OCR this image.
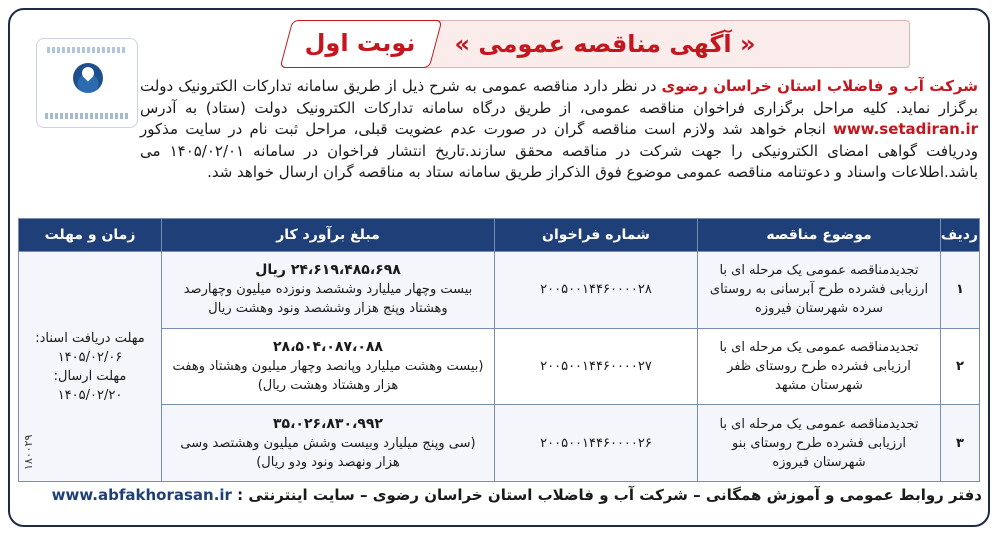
« آگهی مناقصه عمومی »
نوبت اول
شرکت آب و فاضلاب استان خراسان رضوی در نظر دارد مناقصه عمومی به شرح ذیل از طریق سامانه تدارکات الکترونیک دولت برگزار نماید. کلیه مراحل برگزاری فراخوان مناقصه عمومی، از طریق درگاه سامانه تدارکات الکترونیک دولت (ستاد) به آدرس www.setadiran.ir انجام خواهد شد ولازم است مناقصه گران در صورت عدم عضویت قبلی، مراحل ثبت نام در سایت مذکور ودریافت گواهی امضای الکترونیکی را جهت شرکت در مناقصه محقق سازند.تاریخ انتشار فراخوان در سامانه ۱۴۰۵/۰۲/۰۱ می باشد.اطلاعات واسناد و دعوتنامه مناقصه عمومی موضوع فوق الذکراز طریق سامانه ستاد به مناقصه گران ارسال خواهد شد.
ردیف	موضوع مناقصه	شماره فراخوان	مبلغ برآورد کار	زمان و مهلت
۱	تجدیدمناقصه عمومی یک مرحله ای با ارزیابی فشرده طرح آبرسانی به روستای سرده شهرستان فیروزه	۲۰۰۵۰۰۱۴۴۶۰۰۰۰۲۸	۲۴،۶۱۹،۴۸۵،۶۹۸ ریال
بیست وچهار میلیارد وششصد ونوزده میلیون وچهارصد وهشتاد وپنج هزار وششصد ونود وهشت ریال	مهلت دریافت اسناد:
۱۴۰۵/۰۲/۰۶
مهلت ارسال:
۱۴۰۵/۰۲/۲۰

۲	تجدیدمناقصه عمومی یک مرحله ای با ارزیابی فشرده طرح روستای ظفر شهرستان مشهد	۲۰۰۵۰۰۱۴۴۶۰۰۰۰۲۷	۲۸،۵۰۴،۰۸۷،۰۸۸
(بیست وهشت میلیارد وپانصد وچهار میلیون وهشتاد وهفت هزار وهشتاد وهشت ریال)	

۳	تجدیدمناقصه عمومی یک مرحله ای با ارزیابی فشرده طرح روستای بنو شهرستان فیروزه	۲۰۰۵۰۰۱۴۴۶۰۰۰۰۲۶	۳۵،۰۲۶،۸۳۰،۹۹۲
(سی وپنج میلیارد وبیست وشش میلیون وهشتصد وسی هزار ونهصد ونود ودو ریال)	
دفتر روابط عمومی و آموزش همگانی – شرکت آب و فاضلاب استان خراسان رضوی – سایت اینترنتی : www.abfakhorasan.ir
۱۸۰۰۲۹
